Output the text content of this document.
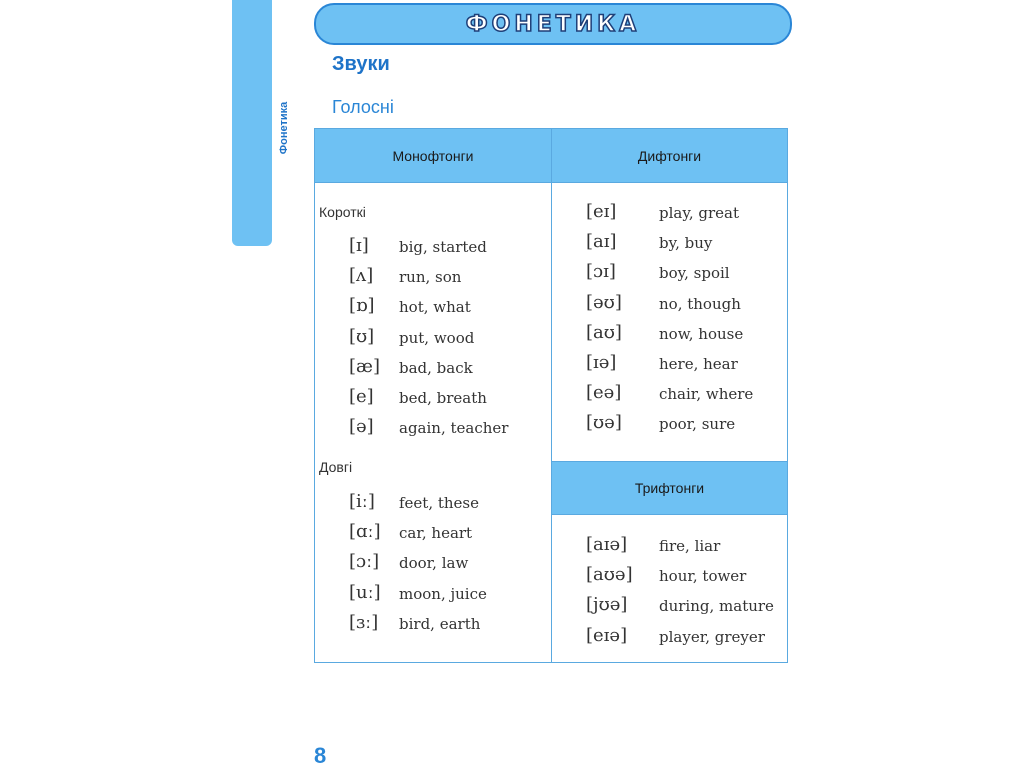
Фонетика
ФОНЕТИКА
Звуки
Голосні
Монофтонги	Дифтонги
Трифтонги
Короткі
Довгі
[ɪ] big, started
[ʌ] run, son
[ɒ] hot, what
[ʊ] put, wood
[æ] bad, back
[e] bed, breath
[ə] again, teacher
[iː] feet, these
[ɑː] car, heart
[ɔː] door, law
[uː] moon, juice
[ɜː] bird, earth
[eɪ]	play, great
[aɪ]	by, buy
[ɔɪ]	boy, spoil
[əʊ] no, though
[aʊ] now, house
[ɪə]	here, hear
[eə]	chair, where
[ʊə] poor, sure
[aɪə] fire, liar
[aʊə] hour, tower
[jʊə] during, mature
[eɪə] player, greyer
8
